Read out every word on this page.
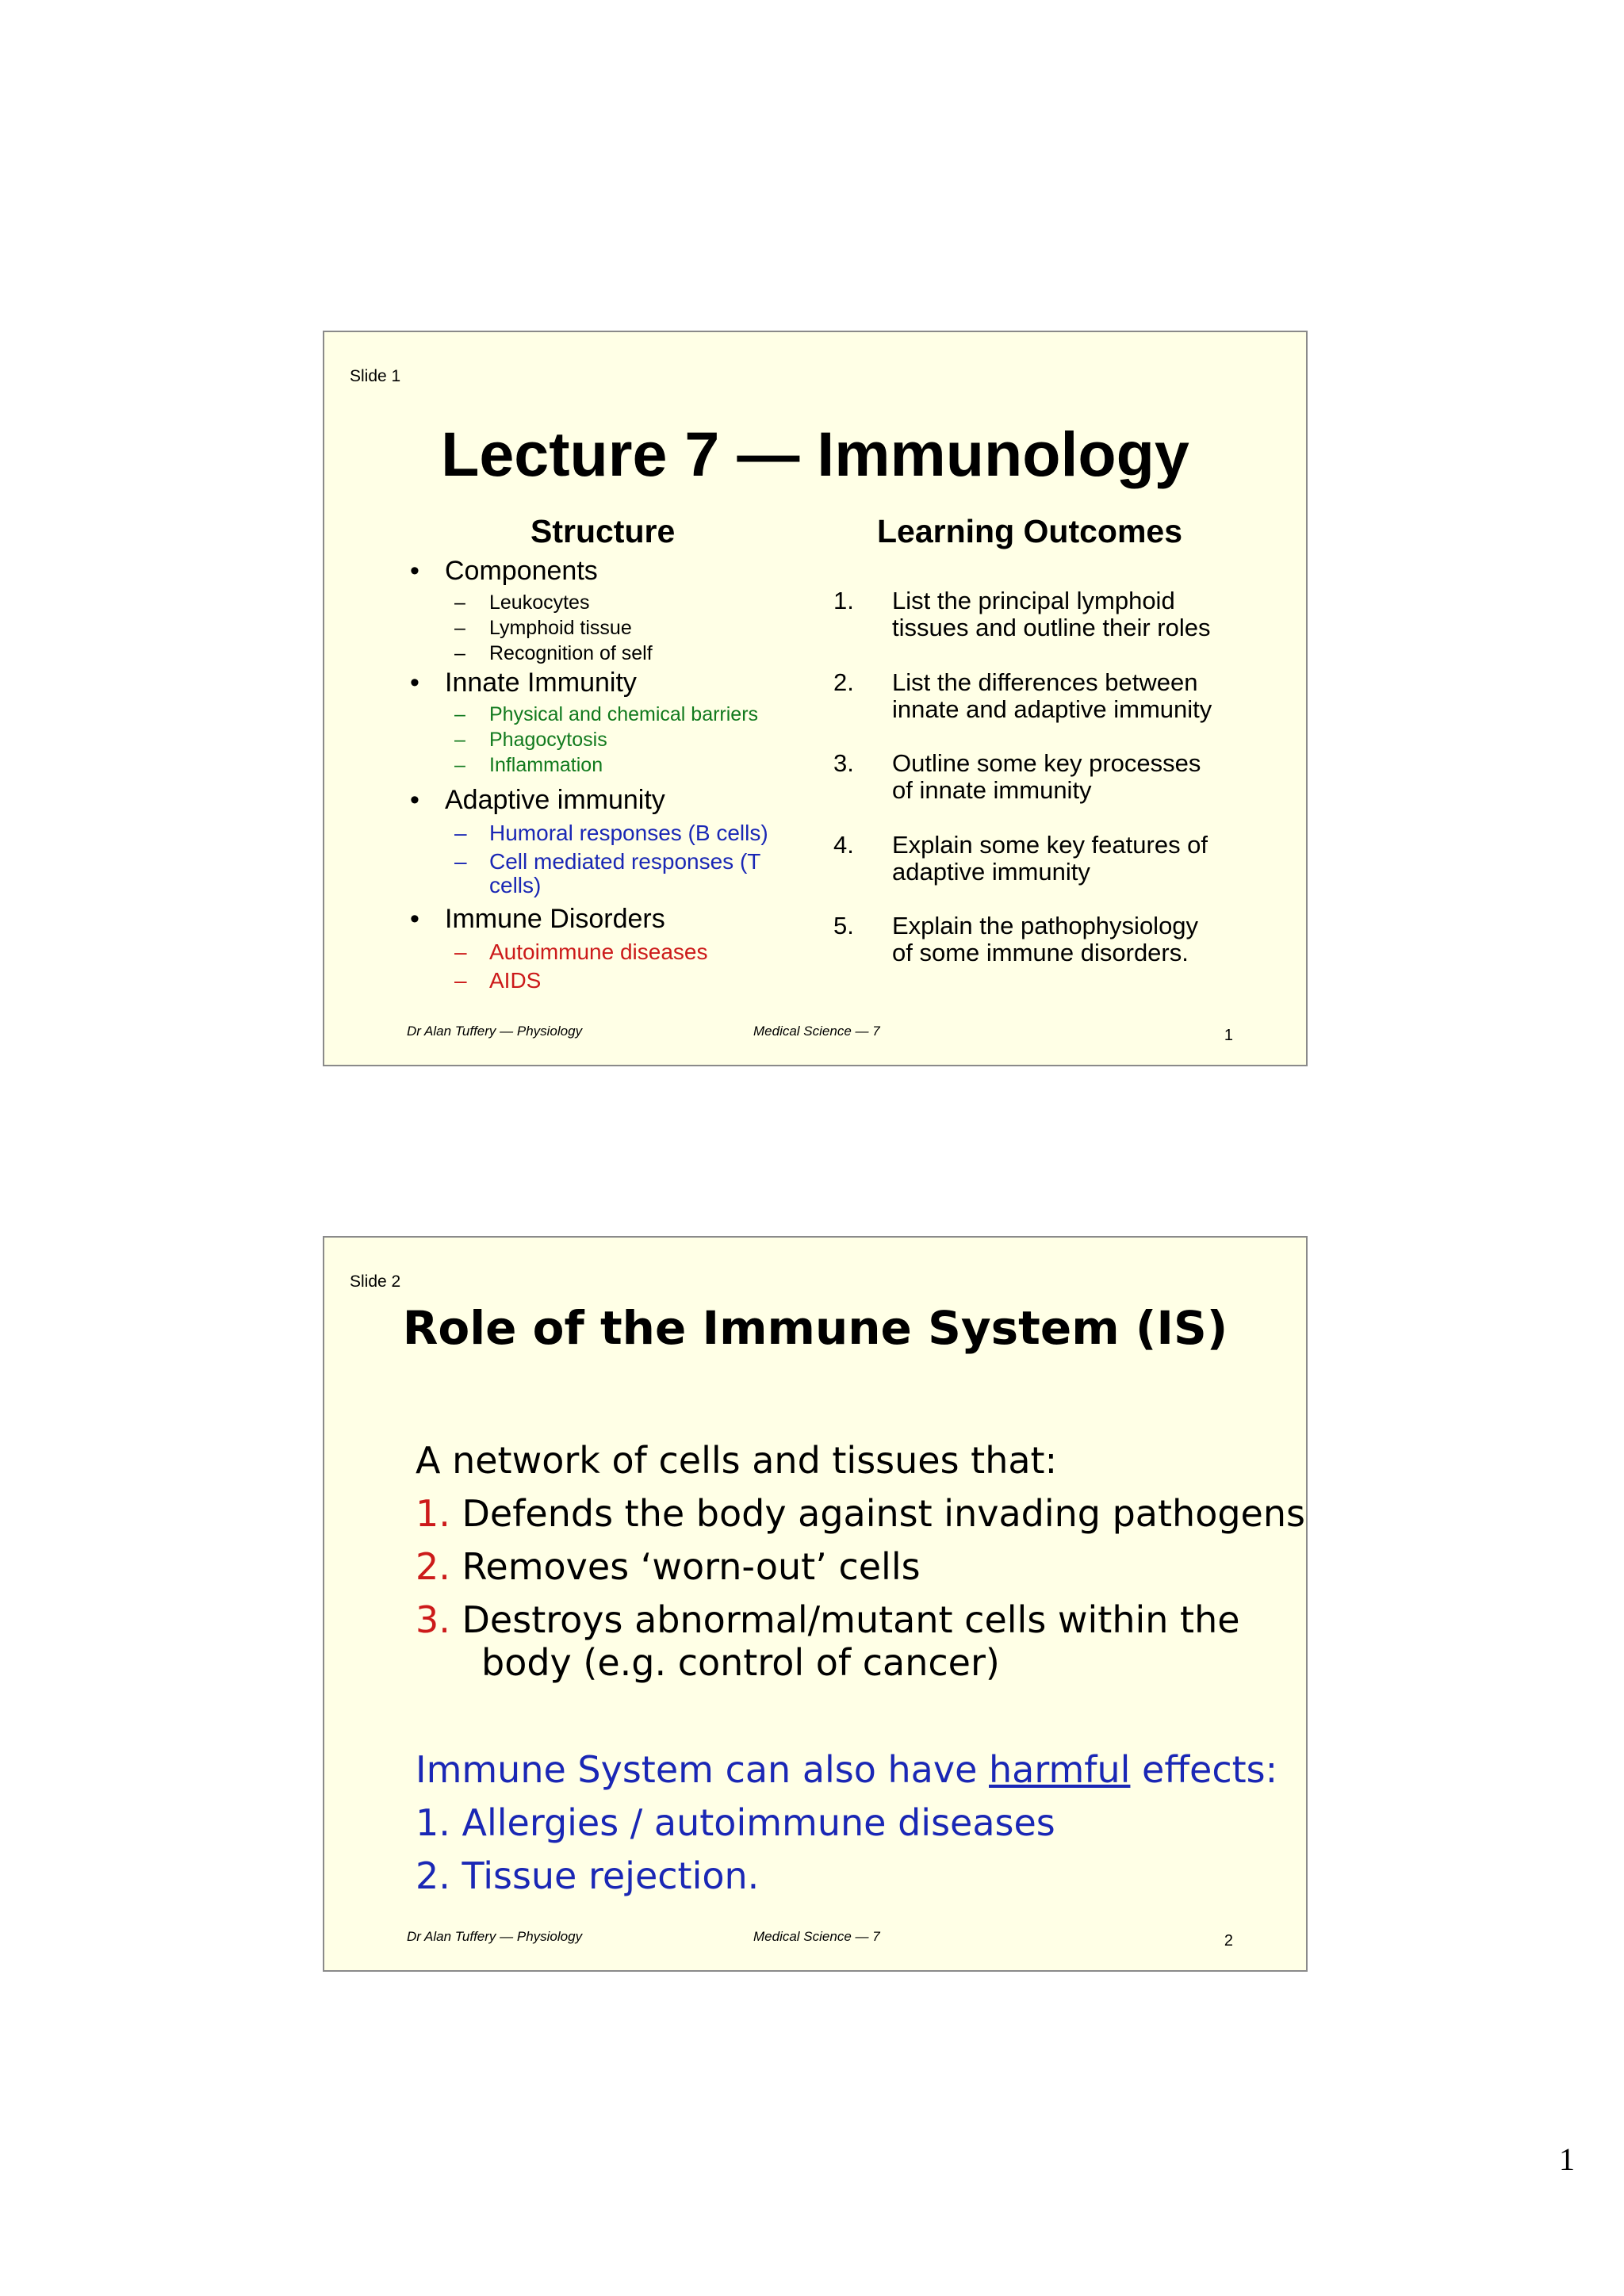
Slide 1
Lecture 7 — Immunology
Structure
• Components
– Leukocytes
– Lymphoid tissue
– Recognition of self
• Innate Immunity
– Physical and chemical barriers
– Phagocytosis
– Inflammation
• Adaptive immunity
– Humoral responses (B cells)
– Cell mediated responses (T
cells)
• Immune Disorders
– Autoimmune diseases
– AIDS
Learning Outcomes
1. List the principal lymphoid
tissues and outline their roles
2. List the differences between
innate and adaptive immunity
3. Outline some key processes
of innate immunity
4. Explain some key features of
adaptive immunity
5. Explain the pathophysiology
of some immune disorders.
Dr Alan Tuffery — Physiology	Medical Science — 7	1
Slide 2
Role of the Immune System (IS)
A network of cells and tissues that:
1. Defends the body against invading pathogens
2. Removes ‘worn-out’ cells
3. Destroys abnormal/mutant cells within the
body (e.g. control of cancer)
Immune System can also have harmful effects:
1. Allergies / autoimmune diseases
2. Tissue rejection.
Dr Alan Tuffery — Physiology	Medical Science — 7	2
1
